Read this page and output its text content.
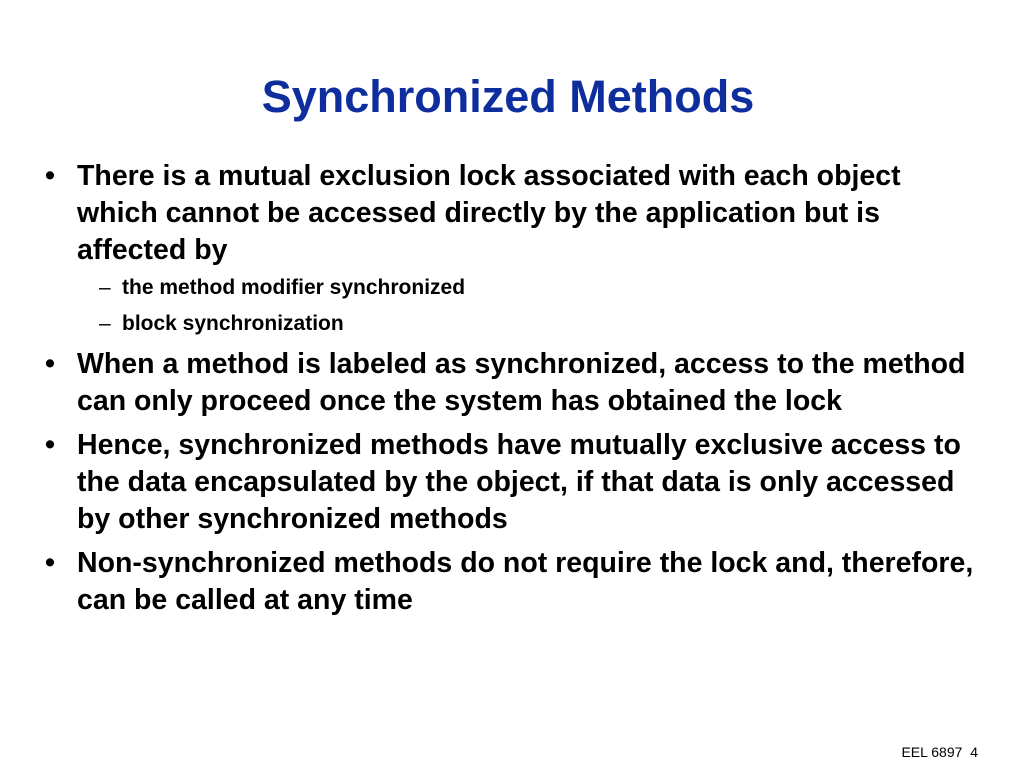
Synchronized Methods
• There is a mutual exclusion lock associated with each object which cannot be accessed directly by the application but is affected by
– the method modifier synchronized
– block synchronization
• When a method is labeled as synchronized, access to the method can only proceed once the system has obtained the lock
• Hence, synchronized methods have mutually exclusive access to the data encapsulated by the object, if that data is only accessed by other synchronized methods
• Non-synchronized methods do not require the lock and, therefore, can be called at any time
EEL 6897 4
